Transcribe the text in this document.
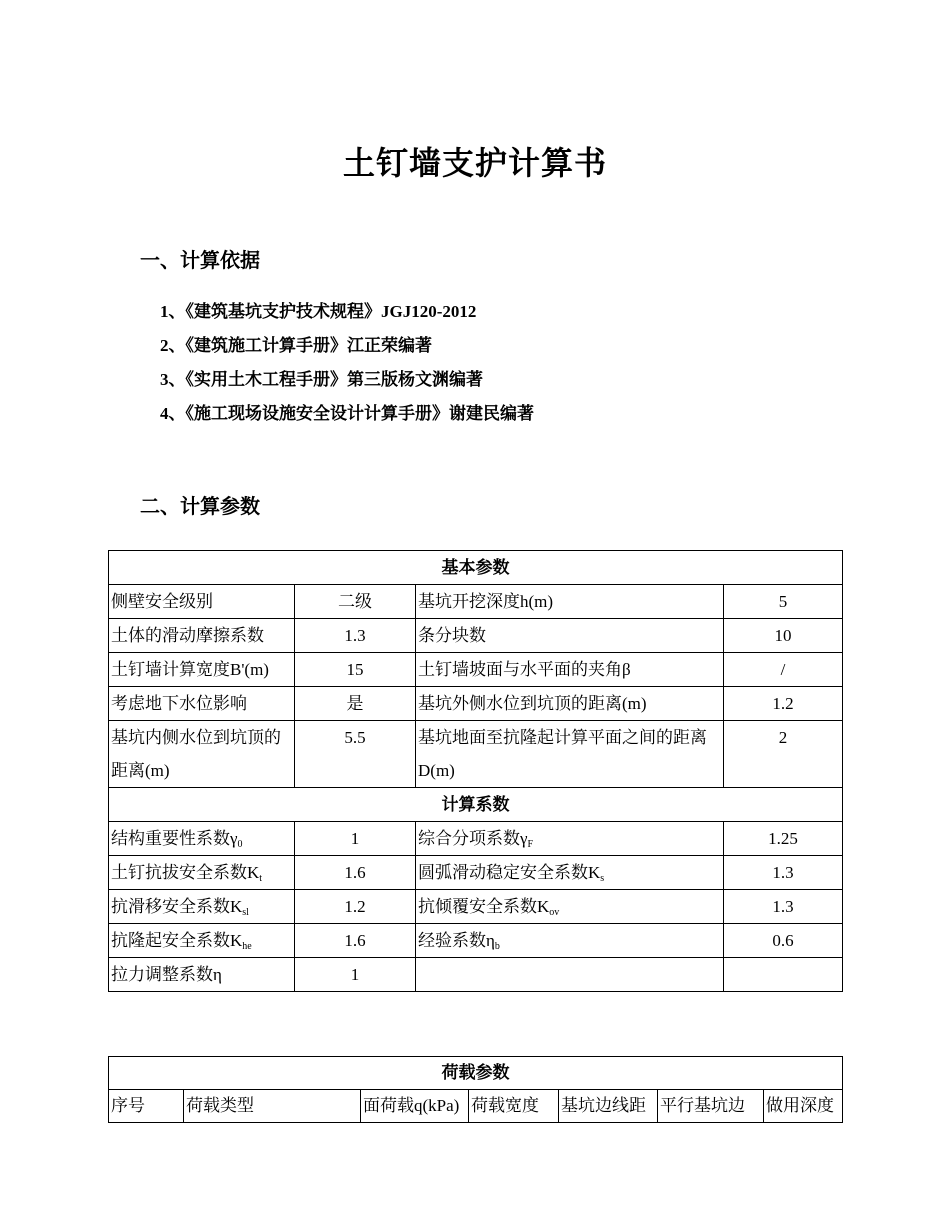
土钉墙支护计算书
一、计算依据
1、《建筑基坑支护技术规程》JGJ120-2012
2、《建筑施工计算手册》江正荣编著
3、《实用土木工程手册》第三版杨文渊编著
4、《施工现场设施安全设计计算手册》谢建民编著
二、计算参数
基本参数			
侧壁安全级别	二级	基坑开挖深度h(m)	5
土体的滑动摩擦系数	1.3	条分块数	10
土钉墙计算宽度B'(m)	15	土钉墙坡面与水平面的夹角β	/
考虑地下水位影响	是	基坑外侧水位到坑顶的距离(m)	1.2
基坑内侧水位到坑顶的距离(m)	5.5	基坑地面至抗隆起计算平面之间的距离D(m)	2
计算系数			
结构重要性系数$\gamma_0$	1	综合分项系数$\gamma_F$	1.25
土钉抗拔安全系数$K_t$	1.6	圆弧滑动稳定安全系数$K_s$	1.3
抗滑移安全系数$K_{sl}$	1.2	抗倾覆安全系数$K_{ov}$	1.3
抗隆起安全系数$K_{he}$	1.6	经验系数$\eta_b$	0.6
拉力调整系数η	1		
荷载参数
序号	荷载类型	面荷载q(kPa)	荷载宽度	基坑边线距	平行基坑边	做用深度
